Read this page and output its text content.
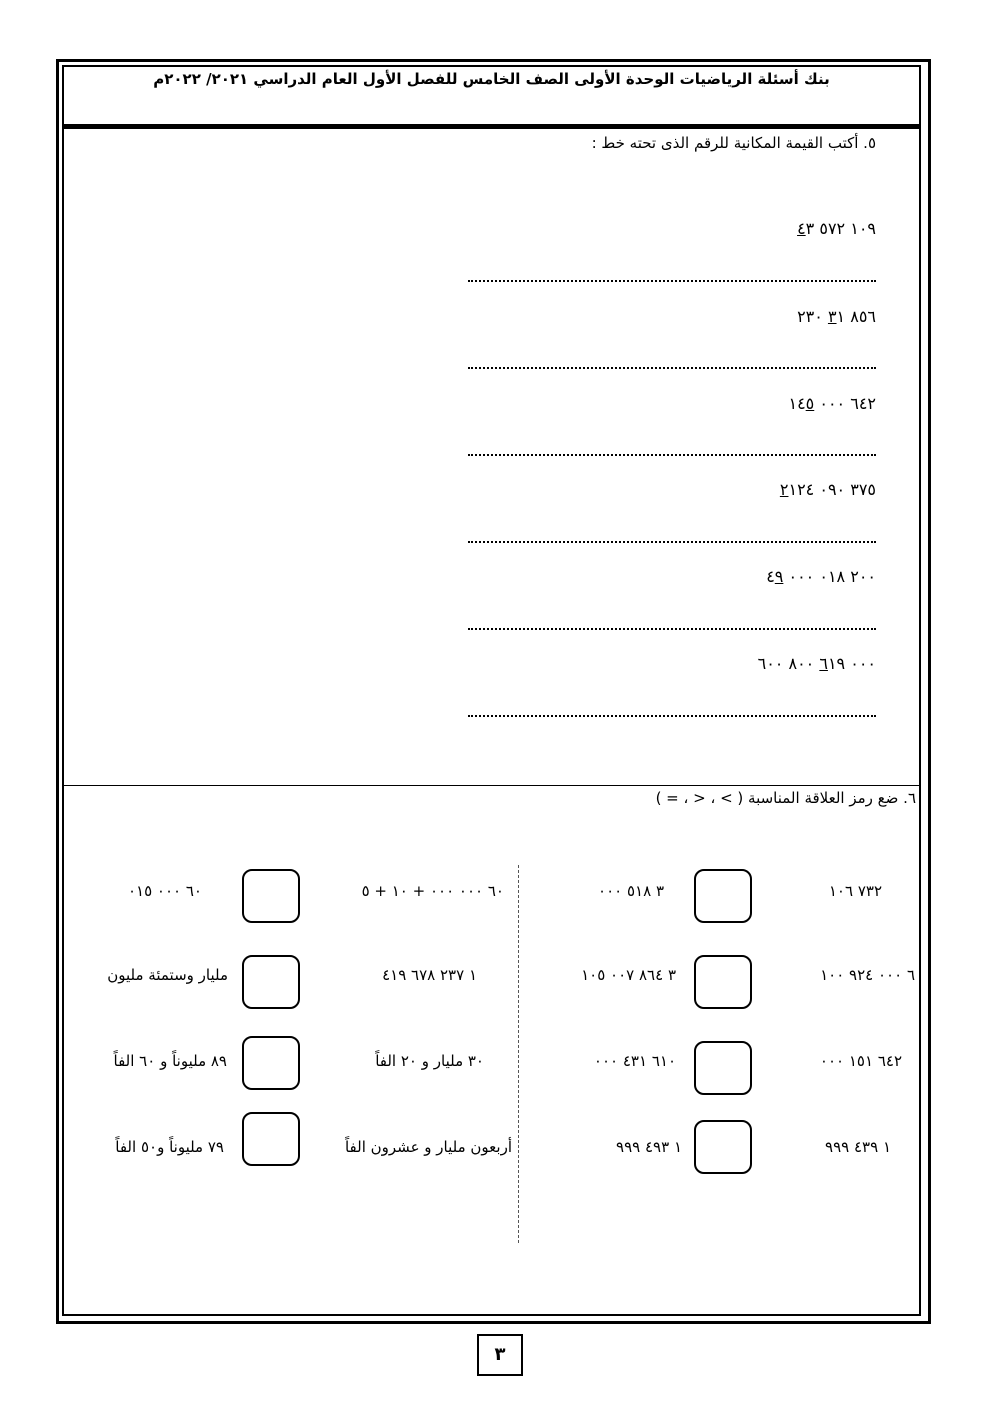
بنك أسئلة الرياضيات الوحدة الأولى الصف الخامس للفصل الأول العام الدراسي ٢٠٢١/ ٢٠٢٢م
٥. أكتب القيمة المكانية للرقم الذى تحته خط :
١٠٩ ٥٧٢ ٤٣
٨٥٦ ٣١ ٢٣٠
٦٤٢ ٠٠٠ ١٤٥
٣٧٥ ٠٩٠ ٢١٢٤
٢٠٠ ٠١٨ ٠٠٠ ٤٩
٠٠٠ ٦١٩ ٨٠٠ ٦٠٠
٦. ضع رمز العلاقة المناسبة ( > ، < ، = )
٧٣٢ ١٠٦
٣ ٥١٨ ٠٠٠
٦ ٠٠٠ ٩٢٤ ١٠٠
٣ ٨٦٤ ٠٠٧ ١٠٥
٦٤٢ ١٥١ ٠٠٠
٦١٠ ٤٣١ ٠٠٠
١ ٤٣٩ ٩٩٩
١ ٤٩٣ ٩٩٩
٦٠ ٠٠٠ ٠٠٠ + ١٠ + ٥
٦٠ ٠٠٠ ٠١٥
١ ٢٣٧ ٦٧٨ ٤١٩
مليار وستمئة مليون
٣٠ مليار و ٢٠ الفاً
٨٩ مليوناً و ٦٠ الفاً
أربعون مليار و عشرون الفاً
٧٩ مليوناً و٥٠ الفاً
٣
